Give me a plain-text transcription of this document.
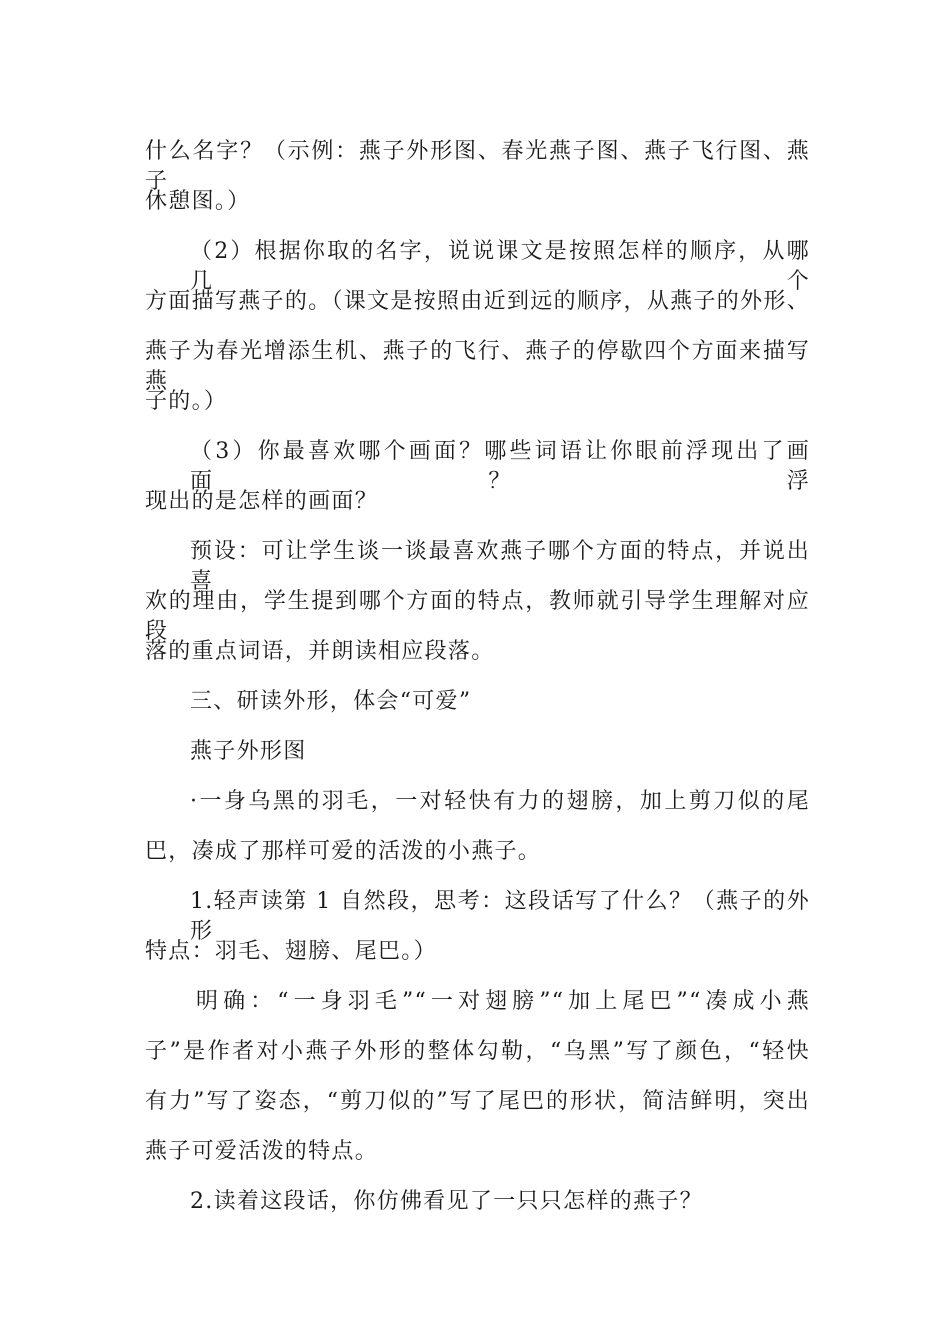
什么名字？（示例：燕子外形图、春光燕子图、燕子飞行图、燕子
休憩图。）
（2）根据你取的名字，说说课文是按照怎样的顺序，从哪几个
方面描写燕子的。（课文是按照由近到远的顺序，从燕子的外形、
燕子为春光增添生机、燕子的飞行、燕子的停歇四个方面来描写燕
子的。）
（3）你最喜欢哪个画面？哪些词语让你眼前浮现出了画面？浮
现出的是怎样的画面？
预设：可让学生谈一谈最喜欢燕子哪个方面的特点，并说出喜
欢的理由，学生提到哪个方面的特点，教师就引导学生理解对应段
落的重点词语，并朗读相应段落。
三、研读外形，体会“可爱”
燕子外形图
·一身乌黑的羽毛，一对轻快有力的翅膀，加上剪刀似的尾
巴，凑成了那样可爱的活泼的小燕子。
1.轻声读第 1 自然段，思考：这段话写了什么？（燕子的外形
特点：羽毛、翅膀、尾巴。）
明确：“一身羽毛”“一对翅膀”“加上尾巴”“凑成小燕
子”是作者对小燕子外形的整体勾勒，“乌黑”写了颜色，“轻快
有力”写了姿态，“剪刀似的”写了尾巴的形状，简洁鲜明，突出
燕子可爱活泼的特点。
2.读着这段话，你仿佛看见了一只只怎样的燕子？
